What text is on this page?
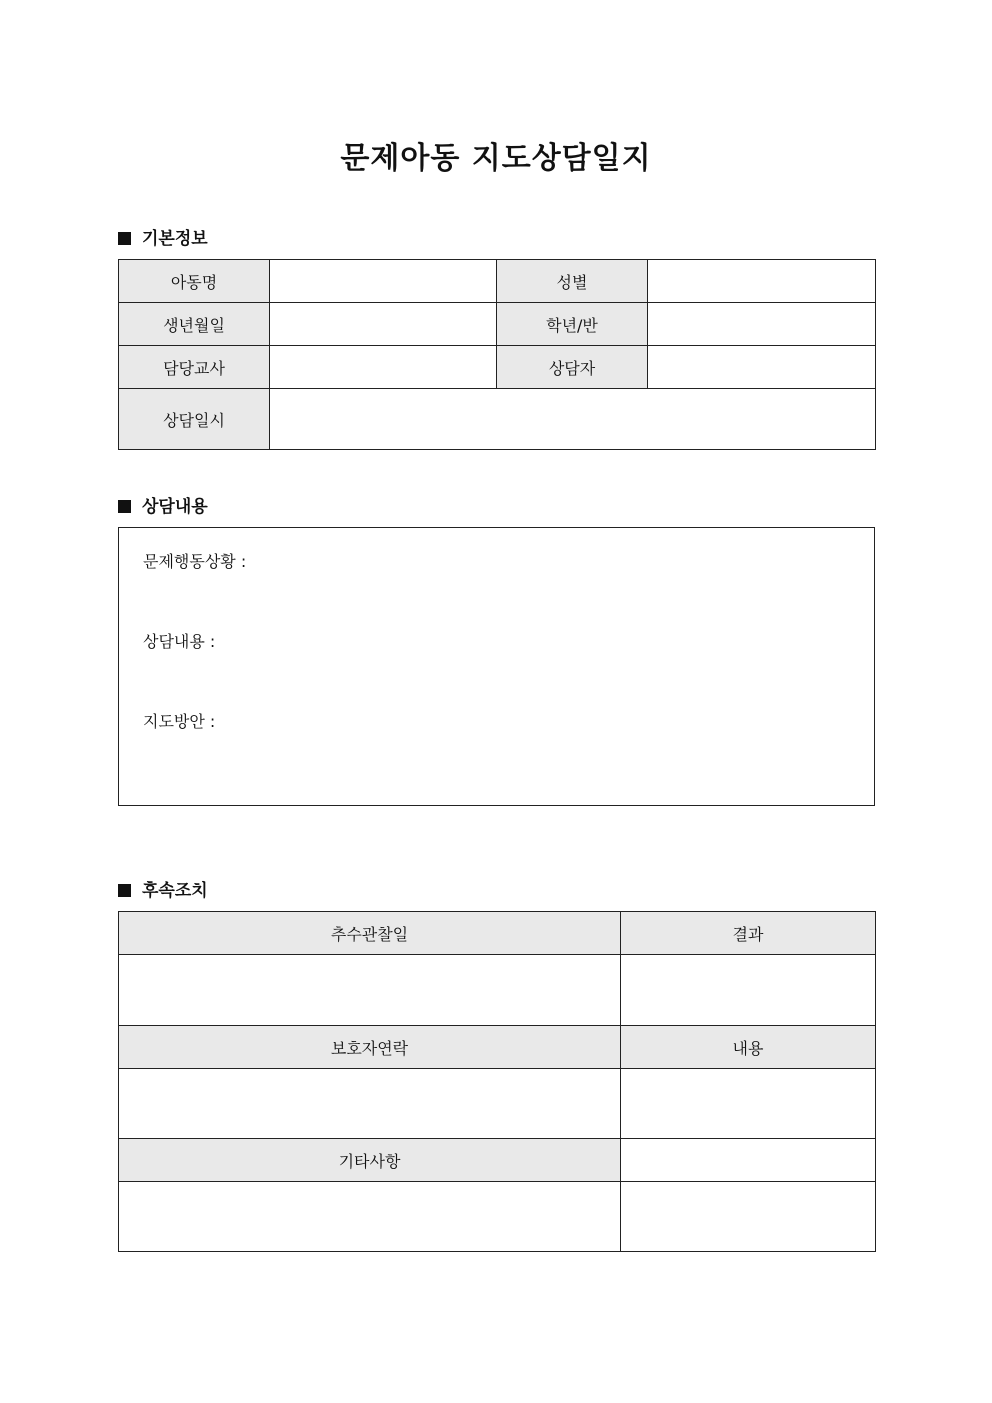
문제아동 지도상담일지
기본정보
아동명		성별	
생년월일		학년/반	
담당교사		상담자	
상담일시			
상담내용
문제행동상황 :
상담내용 :
지도방안 :
후속조치
추수관찰일	결과

보호자연락	내용

기타사항	
